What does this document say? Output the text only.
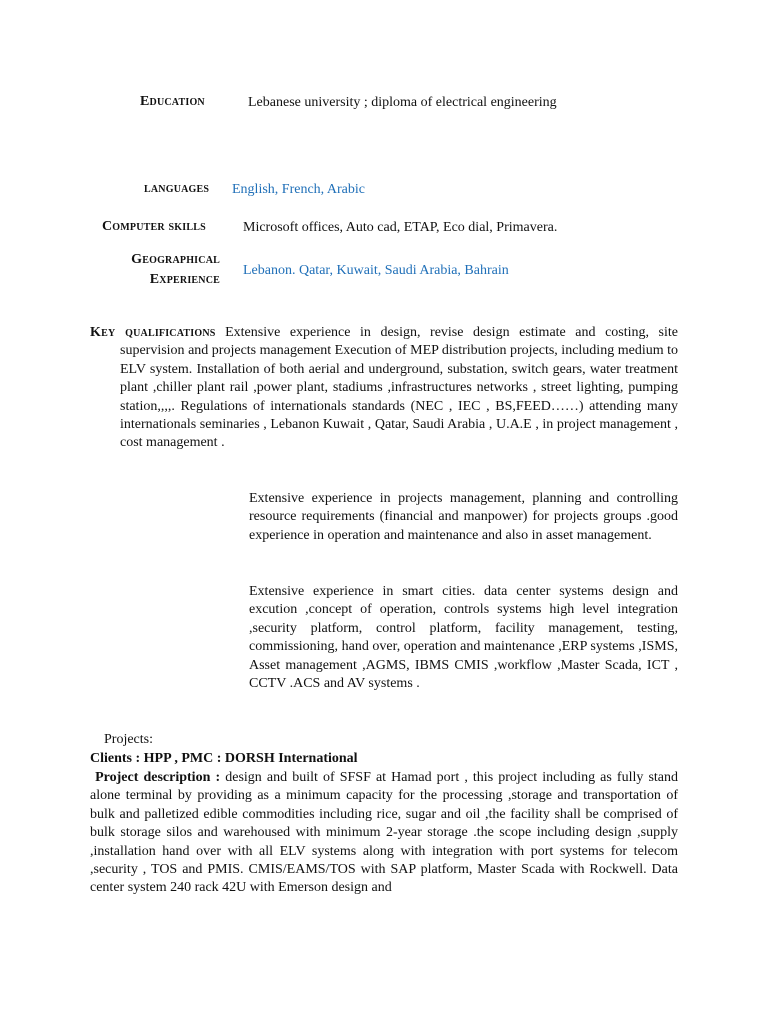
Education	Lebanese university ; diploma of electrical engineering
languages English, French, Arabic
Computer skills	Microsoft offices, Auto cad, ETAP, Eco dial, Primavera.
Geographical
Experience
Lebanon. Qatar, Kuwait, Saudi Arabia, Bahrain

Key qualifications Extensive experience in design, revise design estimate and costing, site supervision and projects management Execution of MEP distribution projects, including medium to ELV system. Installation of both aerial and underground, substation, switch gears, water treatment plant ,chiller plant rail ,power plant, stadiums ,infrastructures networks , street lighting, pumping station,,,,. Regulations of internationals standards (NEC , IEC , BS,FEED……) attending many internationals seminaries , Lebanon Kuwait , Qatar, Saudi Arabia , U.A.E , in project management , cost management .

Extensive experience in projects management, planning and controlling resource requirements (financial and manpower) for projects groups .good experience in operation and maintenance and also in asset management.

Extensive experience in smart cities. data center systems design and excution ,concept of operation, controls systems high level integration ,security platform, control platform, facility management, testing, commissioning, hand over, operation and maintenance ,ERP systems ,ISMS, Asset management ,AGMS, IBMS CMIS ,workflow ,Master Scada, ICT , CCTV .ACS and AV systems .

Projects:
Clients : HPP , PMC : DORSH International

Project description : design and built of SFSF at Hamad port , this project including as fully stand alone terminal by providing as a minimum capacity for the processing ,storage and transportation of bulk and palletized edible commodities including rice, sugar and oil ,the facility shall be comprised of bulk storage silos and warehoused with minimum 2-year storage .the scope including design ,supply ,installation hand over with all ELV systems along with integration with port systems for telecom ,security , TOS and PMIS. CMIS/EAMS/TOS with SAP platform, Master Scada with Rockwell. Data center system 240 rack 42U with Emerson design and
